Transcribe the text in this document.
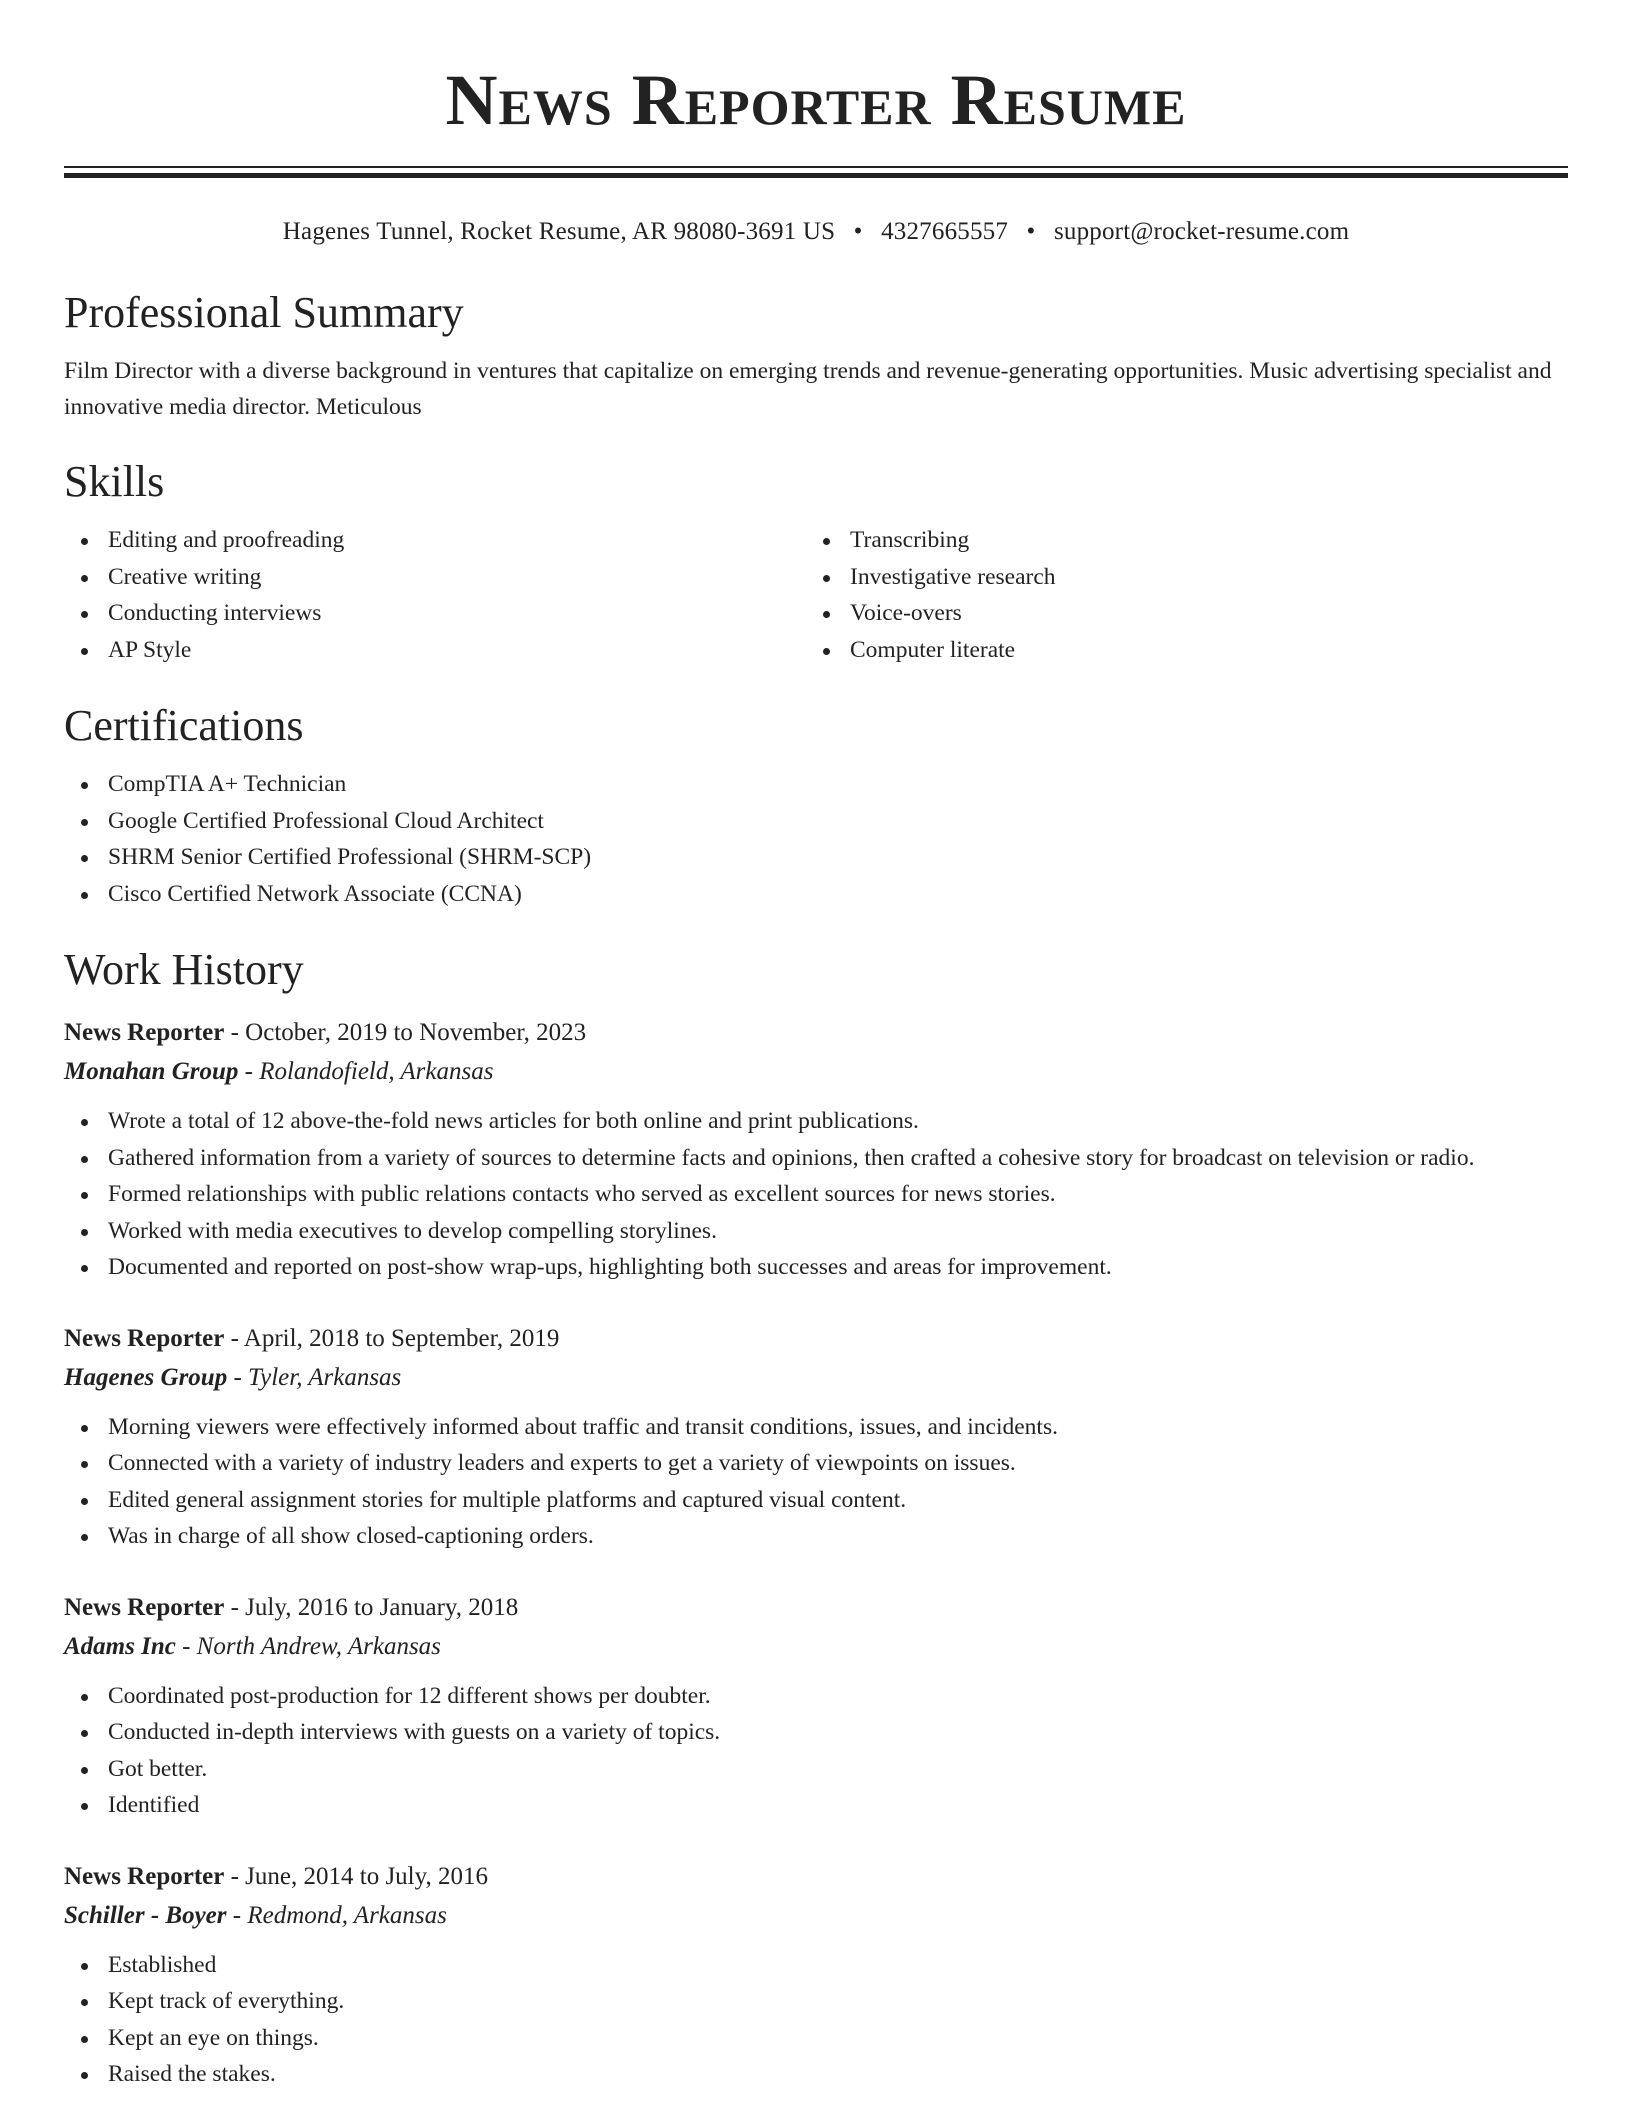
News Reporter Resume
Hagenes Tunnel, Rocket Resume, AR 98080-3691 US • 4327665557 • support@rocket-resume.com
Professional Summary

Film Director with a diverse background in ventures that capitalize on emerging trends and revenue-generating opportunities. Music advertising specialist and innovative media director. Meticulous

Skills
Editing and proofreading
Creative writing
Conducting interviews
AP Style
Transcribing
Investigative research
Voice-overs
Computer literate
Certifications
CompTIA A+ Technician
Google Certified Professional Cloud Architect
SHRM Senior Certified Professional (SHRM-SCP)
Cisco Certified Network Associate (CCNA)
Work History
News Reporter - October, 2019 to November, 2023
Monahan Group - Rolandofield, Arkansas
Wrote a total of 12 above-the-fold news articles for both online and print publications.
Gathered information from a variety of sources to determine facts and opinions, then crafted a cohesive story for broadcast on television or radio.
Formed relationships with public relations contacts who served as excellent sources for news stories.
Worked with media executives to develop compelling storylines.
Documented and reported on post-show wrap-ups, highlighting both successes and areas for improvement.
News Reporter - April, 2018 to September, 2019
Hagenes Group - Tyler, Arkansas
Morning viewers were effectively informed about traffic and transit conditions, issues, and incidents.
Connected with a variety of industry leaders and experts to get a variety of viewpoints on issues.
Edited general assignment stories for multiple platforms and captured visual content.
Was in charge of all show closed-captioning orders.
News Reporter - July, 2016 to January, 2018
Adams Inc - North Andrew, Arkansas
Coordinated post-production for 12 different shows per doubter.
Conducted in-depth interviews with guests on a variety of topics.
Got better.
Identified
News Reporter - June, 2014 to July, 2016
Schiller - Boyer - Redmond, Arkansas
Established
Kept track of everything.
Kept an eye on things.
Raised the stakes.
